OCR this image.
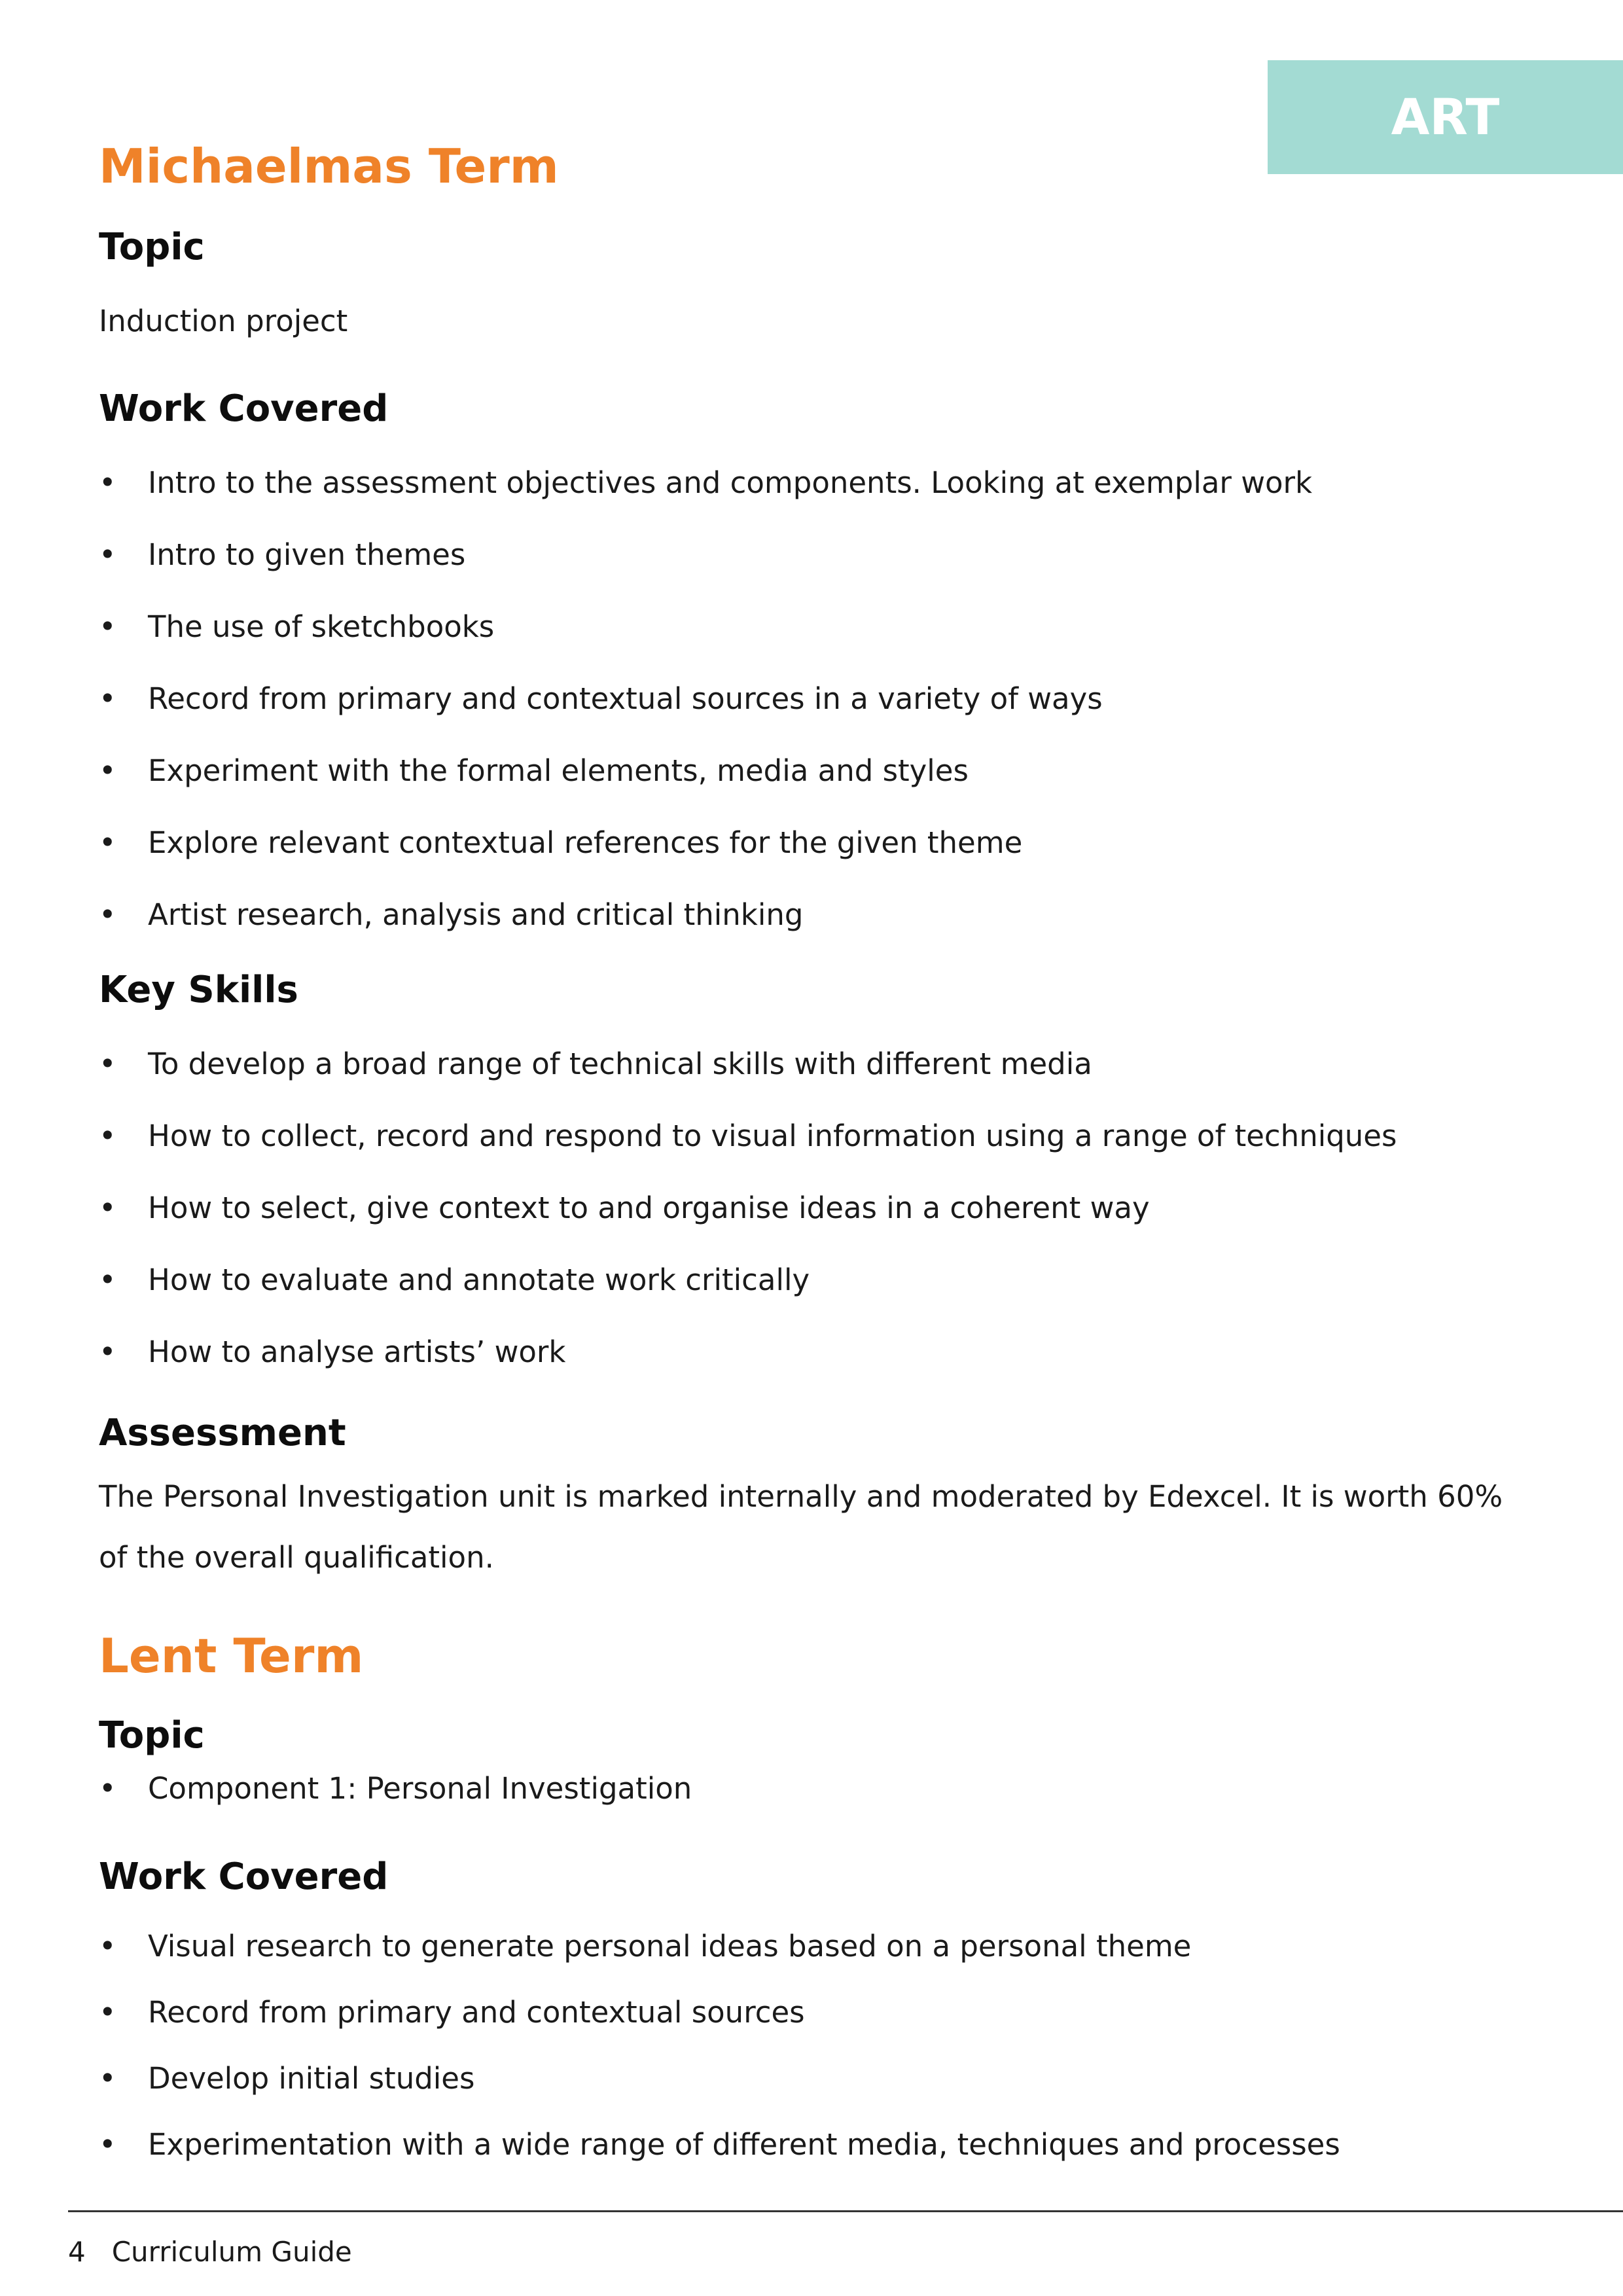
ART
Michaelmas Term
Topic
Induction project
Work Covered
• Intro to the assessment objectives and components. Looking at exemplar work
• Intro to given themes
• The use of sketchbooks
• Record from primary and contextual sources in a variety of ways
• Experiment with the formal elements, media and styles
• Explore relevant contextual references for the given theme
• Artist research, analysis and critical thinking
Key Skills
• To develop a broad range of technical skills with different media
• How to collect, record and respond to visual information using a range of techniques
• How to select, give context to and organise ideas in a coherent way
• How to evaluate and annotate work critically
• How to analyse artists’ work
Assessment
The Personal Investigation unit is marked internally and moderated by Edexcel. It is worth 60% of the overall qualification.
Lent Term
Topic
• Component 1: Personal Investigation
Work Covered
• Visual research to generate personal ideas based on a personal theme
• Record from primary and contextual sources
• Develop initial studies
• Experimentation with a wide range of different media, techniques and processes
4 Curriculum Guide
